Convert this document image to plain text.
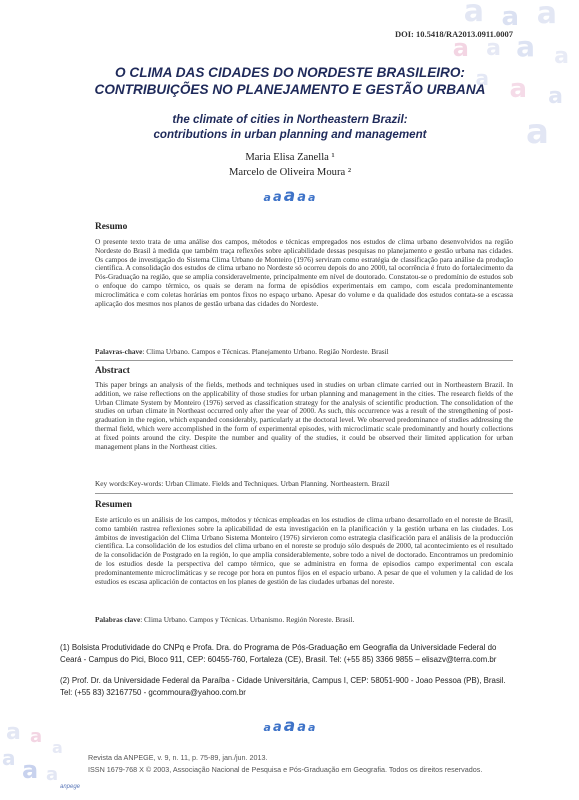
a a a
a a a a
a a a
a
DOI: 10.5418/RA2013.0911.0007
O CLIMA DAS CIDADES DO NORDESTE BRASILEIRO: CONTRIBUIÇÕES NO PLANEJAMENTO E GESTÃO URBANA
the climate of cities in Northeastern Brazil:
contributions in urban planning and management
Maria Elisa Zanella ¹
Marcelo de Oliveira Moura ²
a a a a a
Resumo
O presente texto trata de uma análise dos campos, métodos e técnicas empregados nos estudos de clima urbano desenvolvidos na região Nordeste do Brasil à medida que também traça reflexões sobre aplicabilidade dessas pesquisas no planejamento e gestão urbana nas cidades. Os campos de investigação do Sistema Clima Urbano de Monteiro (1976) serviram como estratégia de classificação para análise da produção científica. A consolidação dos estudos de clima urbano no Nordeste só ocorreu depois do ano 2000, tal ocorrência é fruto do fortalecimento da Pós-Graduação na região, que se amplia consideravelmente, principalmente em nível de doutorado. Constatou-se o predomínio de estudos sob o enfoque do campo térmico, os quais se deram na forma de episódios experimentais em campo, com escala predominantemente microclimática e com coletas horárias em pontos fixos no espaço urbano. Apesar do volume e da qualidade dos estudos contata-se a escassa aplicação dos mesmos nos planos de gestão urbana das cidades do Nordeste.
Palavras-chave: Clima Urbano. Campos e Técnicas. Planejamento Urbano. Região Nordeste. Brasil
Abstract
This paper brings an analysis of the fields, methods and techniques used in studies on urban climate carried out in Northeastern Brazil. In addition, we raise reflections on the applicability of those studies for urban planning and management in the cities. The research fields of the Urban Climate System by Monteiro (1976) served as classification strategy for the analysis of scientific production. The consolidation of the studies on urban climate in Northeast occurred only after the year of 2000. As such, this occurrence was a result of the strengthening of post-graduation in the region, which expanded considerably, particularly at the doctoral level. We observed predominance of studies addressing the thermal field, which were accomplished in the form of experimental episodes, with microclimatic scale predominantly and hourly collections at fixed points around the city. Despite the number and quality of the studies, it could be observed their limited application for urban management plans in the Northeast cities.
Key words:Key-words: Urban Climate. Fields and Techniques. Urban Planning. Northeastern. Brazil
Resumen
Este artículo es un análisis de los campos, métodos y técnicas empleadas en los estudios de clima urbano desarrollado en el noreste de Brasil, como también rastrea reflexiones sobre la aplicabilidad de esta investigación en la planificación y la gestión urbana en las ciudades. Los ámbitos de investigación del Clima Urbano Sistema Monteiro (1976) sirvieron como estrategia clasificación para el análisis de la producción científica. La consolidación de los estudios del clima urbano en el noreste se produjo sólo después de 2000, tal acontecimiento es el resultado de la consolidación de Postgrado en la región, lo que amplía considerablemente, sobre todo a nivel de doctorado. Encontramos un predominio de los estudios desde la perspectiva del campo térmico, que se administra en forma de episodios campo experimental con escala predominantemente microclimáticas y se recoge por hora en puntos fijos en el espacio urbano. A pesar de que el volumen y la calidad de los estudios es escasa aplicación de contactos en los planes de gestión de las ciudades urbanas del noreste.
Palabras clave: Clima Urbano. Campos y Técnicas. Urbanismo. Región Noreste. Brasil.
(1) Bolsista Produtividade do CNPq e Profa. Dra. do Programa de Pós-Graduação em Geografia da Universidade Federal do Ceará - Campus do Pici, Bloco 911, CEP: 60455-760, Fortaleza (CE), Brasil. Tel: (+55 85) 3366 9855 – elisazv@terra.com.br
(2) Prof. Dr. da Universidade Federal da Paraíba - Cidade Universitária, Campus I, CEP: 58051-900 - Joao Pessoa (PB), Brasil. Tel: (+55 83) 32167750 - gcommoura@yahoo.com.br
a a a a a
Revista da ANPEGE, v. 9, n. 11, p. 75-89, jan./jun. 2013.
ISSN 1679-768 X © 2003, Associação Nacional de Pesquisa e Pós-Graduação em Geografia. Todos os direitos reservados.
a a
a a
a a
anpege
